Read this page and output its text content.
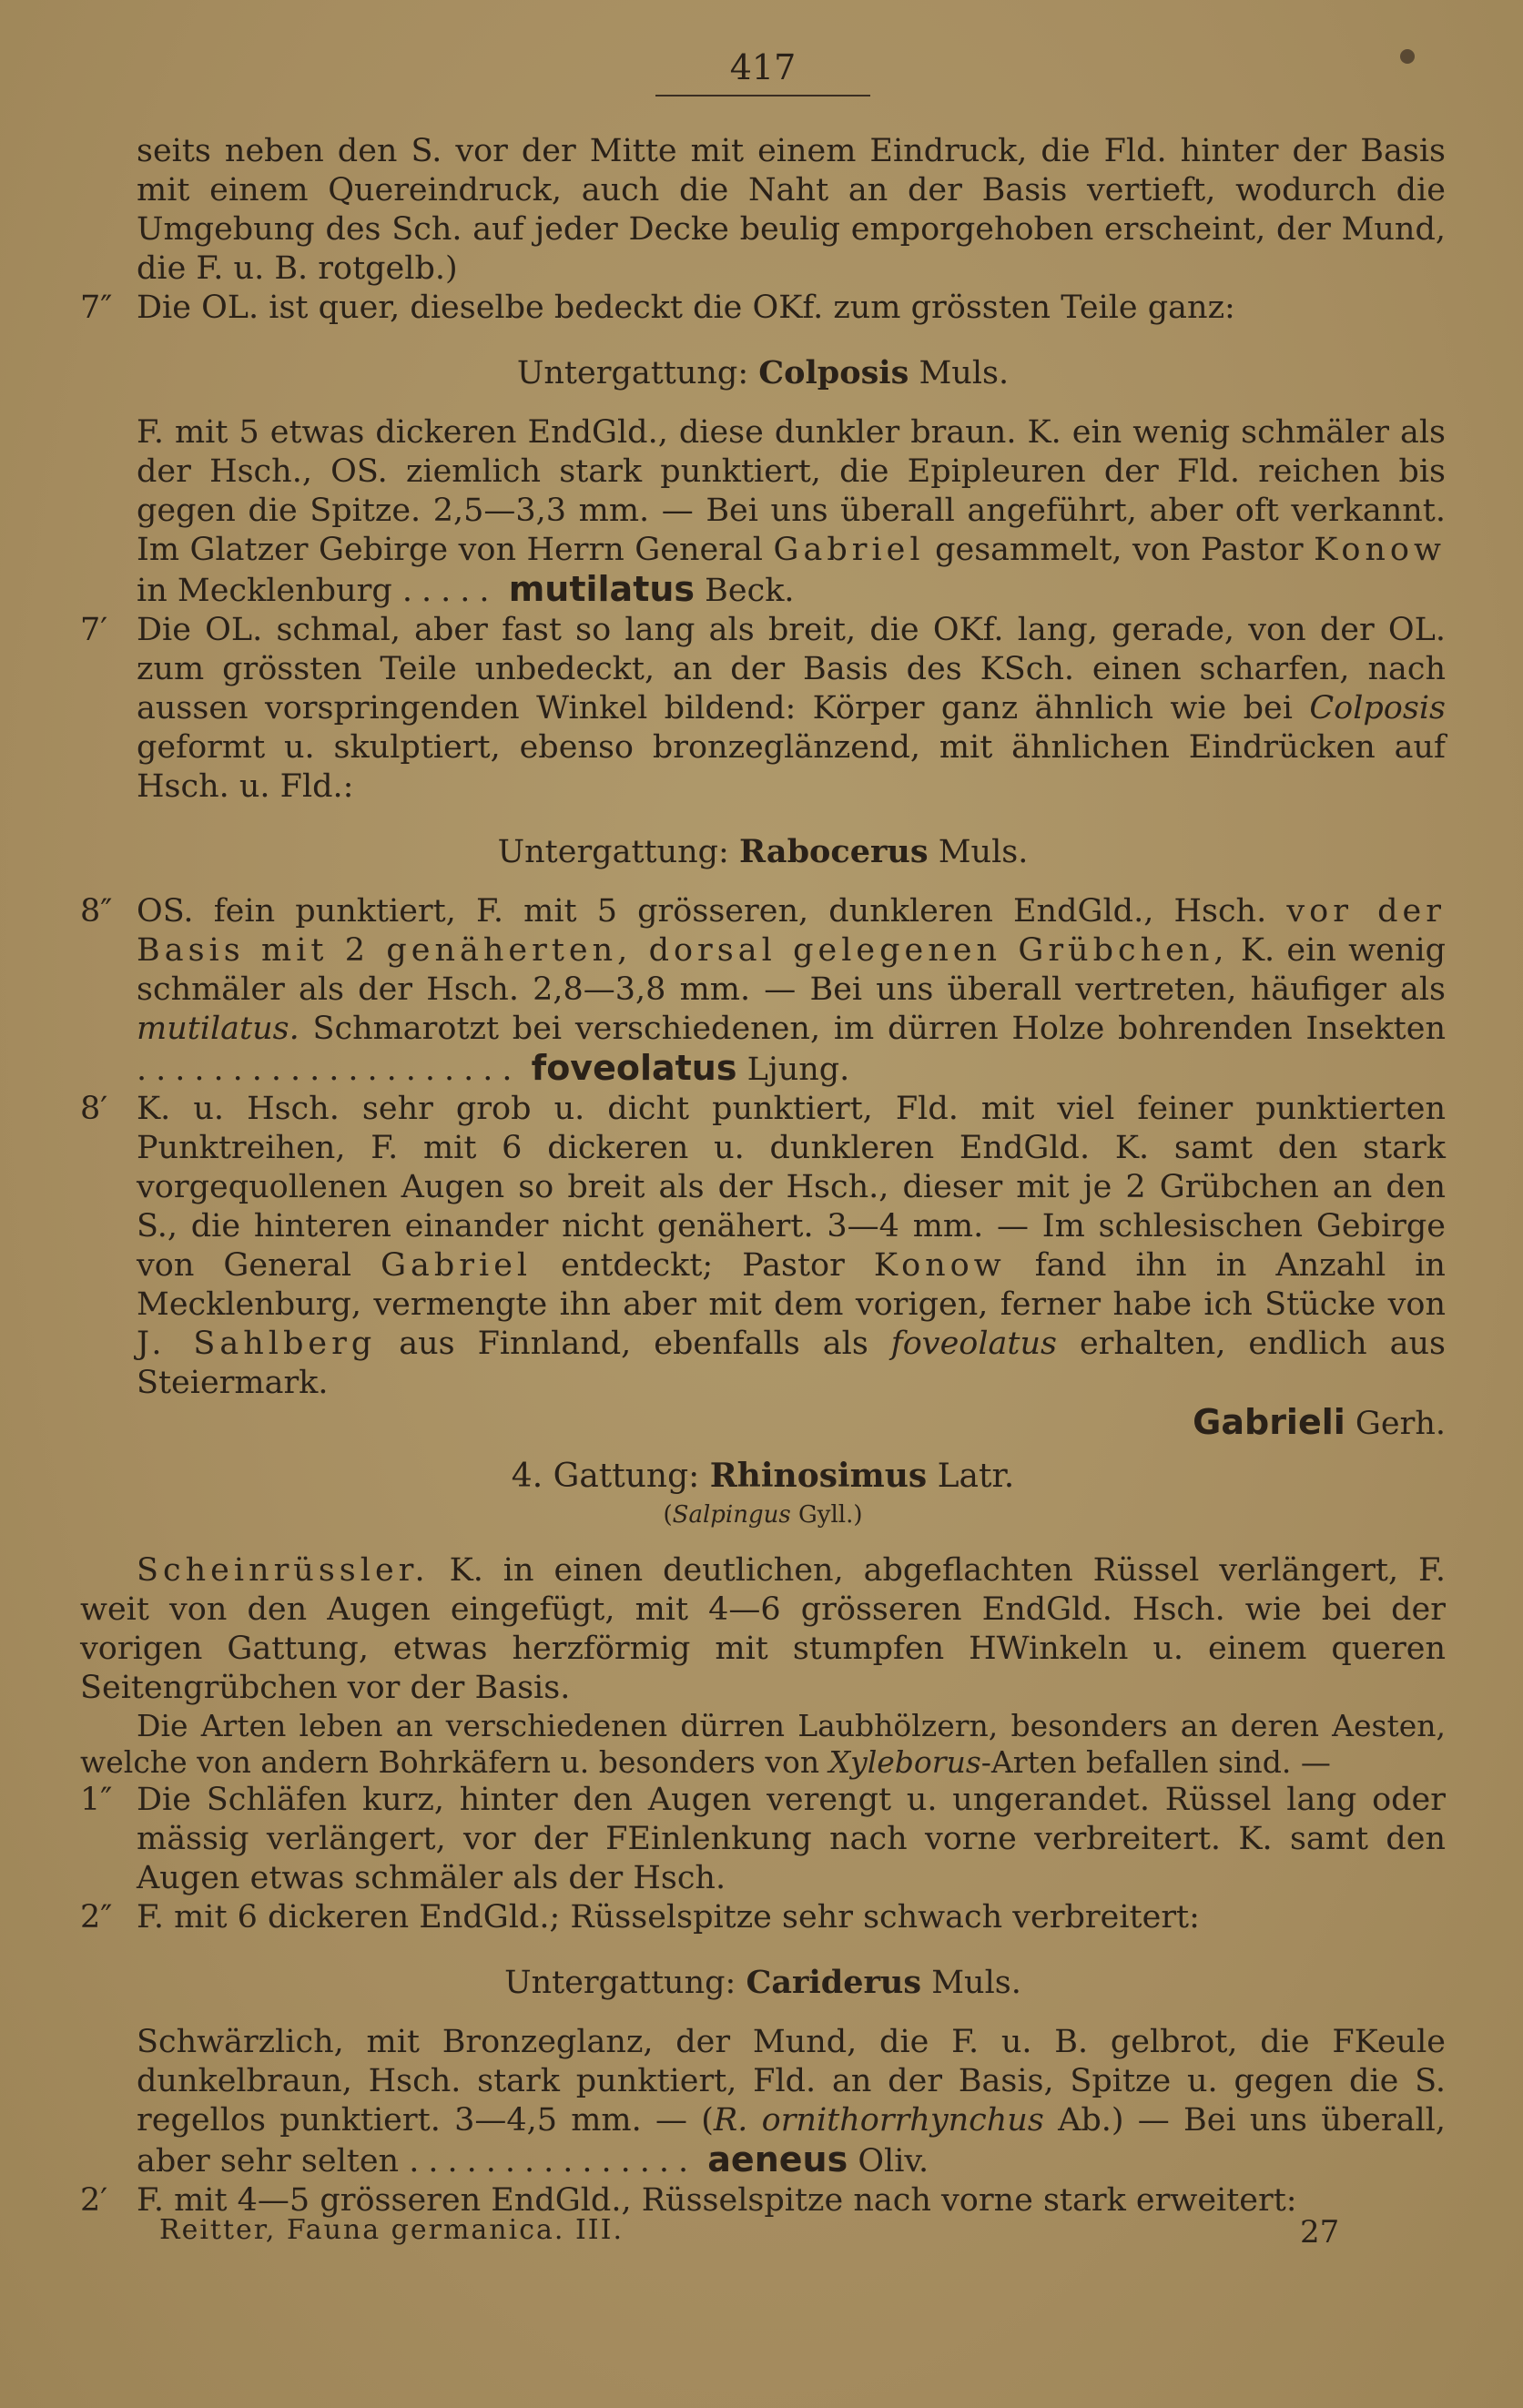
417

seits neben den S. vor der Mitte mit einem Eindruck, die Fld. hinter der Basis mit einem Quereindruck, auch die Naht an der Basis vertieft, wodurch die Umgebung des Sch. auf jeder Decke beulig emporgehoben erscheint, der Mund, die F. u. B. rotgelb.)

7″ Die OL. ist quer, dieselbe bedeckt die OKf. zum grössten Teile ganz:

Untergattung: Colposis Muls.

F. mit 5 etwas dickeren EndGld., diese dunkler braun. K. ein wenig schmäler als der Hsch., OS. ziemlich stark punktiert, die Epipleuren der Fld. reichen bis gegen die Spitze. 2,5—3,3 mm. — Bei uns überall angeführt, aber oft verkannt. Im Glatzer Gebirge von Herrn General Gabriel gesammelt, von Pastor Konow in Mecklenburg ..... mutilatus Beck.

7′ Die OL. schmal, aber fast so lang als breit, die OKf. lang, gerade, von der OL. zum grössten Teile unbedeckt, an der Basis des KSch. einen scharfen, nach aussen vorspringenden Winkel bildend: Körper ganz ähnlich wie bei Colposis geformt u. skulptiert, ebenso bronzeglänzend, mit ähnlichen Eindrücken auf Hsch. u. Fld.:

Untergattung: Rabocerus Muls.

8″ OS. fein punktiert, F. mit 5 grösseren, dunkleren EndGld., Hsch. vor der Basis mit 2 genäherten, dorsal gelegenen Grübchen, K. ein wenig schmäler als der Hsch. 2,8—3,8 mm. — Bei uns überall vertreten, häufiger als mutilatus. Schmarotzt bei verschiedenen, im dürren Holze bohrenden Insekten .................... foveolatus Ljung.

8′ K. u. Hsch. sehr grob u. dicht punktiert, Fld. mit viel feiner punktierten Punktreihen, F. mit 6 dickeren u. dunkleren EndGld. K. samt den stark vorgequollenen Augen so breit als der Hsch., dieser mit je 2 Grübchen an den S., die hinteren einander nicht genähert. 3—4 mm. — Im schlesischen Gebirge von General Gabriel entdeckt; Pastor Konow fand ihn in Anzahl in Mecklenburg, vermengte ihn aber mit dem vorigen, ferner habe ich Stücke von J. Sahlberg aus Finnland, ebenfalls als foveolatus erhalten, endlich aus Steiermark.

Gabrieli Gerh.

4. Gattung: Rhinosimus Latr.
(Salpingus Gyll.)

Scheinrüssler. K. in einen deutlichen, abgeflachten Rüssel verlängert, F. weit von den Augen eingefügt, mit 4—6 grösseren EndGld. Hsch. wie bei der vorigen Gattung, etwas herzförmig mit stumpfen HWinkeln u. einem queren Seitengrübchen vor der Basis.

Die Arten leben an verschiedenen dürren Laubhölzern, besonders an deren Aesten, welche von andern Bohrkäfern u. besonders von Xyleborus-Arten befallen sind. —

1″ Die Schläfen kurz, hinter den Augen verengt u. ungerandet. Rüssel lang oder mässig verlängert, vor der FEinlenkung nach vorne verbreitert. K. samt den Augen etwas schmäler als der Hsch.

2″ F. mit 6 dickeren EndGld.; Rüsselspitze sehr schwach verbreitert:

Untergattung: Cariderus Muls.

Schwärzlich, mit Bronzeglanz, der Mund, die F. u. B. gelbrot, die FKeule dunkelbraun, Hsch. stark punktiert, Fld. an der Basis, Spitze u. gegen die S. regellos punktiert. 3—4,5 mm. — (R. ornithorrhynchus Ab.) — Bei uns überall, aber sehr selten ............... aeneus Oliv.

2′ F. mit 4—5 grösseren EndGld., Rüsselspitze nach vorne stark erweitert:

Reitter, Fauna germanica. III.	27
